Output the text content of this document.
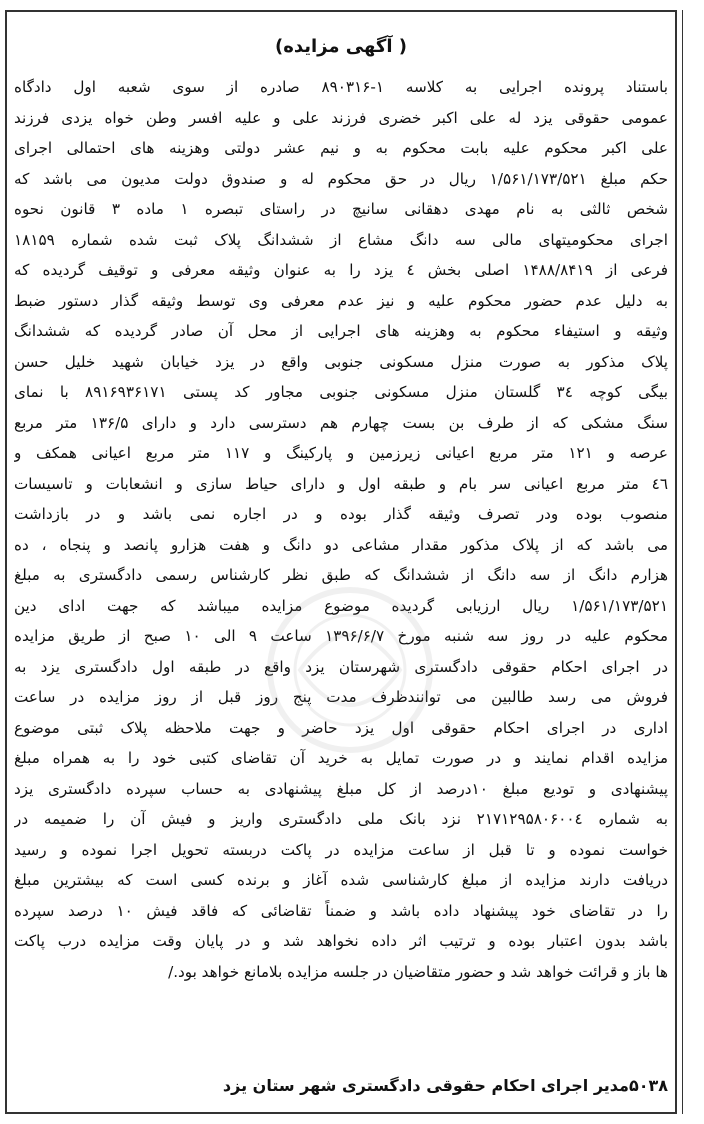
( آگهی مزایده)
باستناد پرونده اجرایی به کلاسه ۱-۸۹۰۳۱۶ صادره از سوی شعبه اول دادگاه
عمومی حقوقی یزد له علی اکبر خضری فرزند علی و علیه افسر وطن خواه یزدی فرزند
علی اکبر محکوم علیه بابت محکوم به و نیم عشر دولتی وهزینه های احتمالی اجرای
حکم مبلغ ۱/۵۶۱/۱۷۳/۵۲۱ ریال در حق محکوم له و صندوق دولت مدیون می باشد که
شخص ثالثی به نام مهدی دهقانی سانیچ در راستای تبصره ۱ ماده ۳ قانون نحوه
اجرای محکومیتهای مالی سه دانگ مشاع از ششدانگ پلاک ثبت شده شماره ۱۸۱۵۹
فرعی از ۱۴۸۸/۸۴۱۹ اصلی بخش ٤ یزد را به عنوان وثیقه معرفی و توقیف گردیده که
به دلیل عدم حضور محکوم علیه و نیز عدم معرفی وی توسط وثیقه گذار دستور ضبط
وثیقه و استیفاء محکوم به وهزینه های اجرایی از محل آن صادر گردیده که ششدانگ
پلاک مذکور به صورت منزل مسکونی جنوبی واقع در یزد خیابان شهید خلیل حسن
بیگی کوچه ۳٤ گلستان منزل مسکونی جنوبی مجاور کد پستی ۸۹۱۶۹۳۶۱۷۱ با نمای
سنگ مشکی که از طرف بن بست چهارم هم دسترسی دارد و دارای ۱۳۶/۵ متر مربع
عرصه و ۱۲۱ متر مربع اعیانی زیرزمین و پارکینگ و ۱۱۷ متر مربع اعیانی همکف و
٤٦ متر مربع اعیانی سر بام و طبقه اول و دارای حیاط سازی و انشعابات و تاسیسات
منصوب بوده ودر تصرف وثیقه گذار بوده و در اجاره نمی باشد و در بازداشت
می باشد که از پلاک مذکور مقدار مشاعی دو دانگ و هفت هزارو پانصد و پنجاه ، ده
هزارم دانگ از سه دانگ از ششدانگ که طبق نظر کارشناس رسمی دادگستری به مبلغ
۱/۵۶۱/۱۷۳/۵۲۱ ریال ارزیابی گردیده موضوع مزایده میباشد که جهت ادای دین
محکوم علیه در روز سه شنبه مورخ ۱۳۹۶/۶/۷ ساعت ۹ الی ۱۰ صبح از طریق مزایده
در اجرای احکام حقوقی دادگستری شهرستان یزد واقع در طبقه اول دادگستری یزد به
فروش می رسد طالبین می توانندظرف مدت پنج روز قبل از روز مزایده در ساعت
اداری در اجرای احکام حقوقی اول یزد حاضر و جهت ملاحظه پلاک ثبتی موضوع
مزایده اقدام نمایند و در صورت تمایل به خرید آن تقاضای کتبی خود را به همراه مبلغ
پیشنهادی و تودیع مبلغ ۱۰درصد از کل مبلغ پیشنهادی به حساب سپرده دادگستری یزد
به شماره ۲۱۷۱۲۹۵۸۰۶۰۰٤ نزد بانک ملی دادگستری واریز و فیش آن را ضمیمه در
خواست نموده و تا قبل از ساعت مزایده در پاکت دربسته تحویل اجرا نموده و رسید
دریافت دارند مزایده از مبلغ کارشناسی شده آغاز و برنده کسی است که بیشترین مبلغ
را در تقاضای خود پیشنهاد داده باشد و ضمناً تقاضائی که فاقد فیش ۱۰ درصد سپرده
باشد بدون اعتبار بوده و ترتیب اثر داده نخواهد شد و در پایان وقت مزایده درب پاکت
ها باز و قرائت خواهد شد و حضور متقاضیان در جلسه مزایده بلامانع خواهد بود./
۵۰۳۸مدیر اجرای احکام حقوقی دادگستری شهر ستان یزد
